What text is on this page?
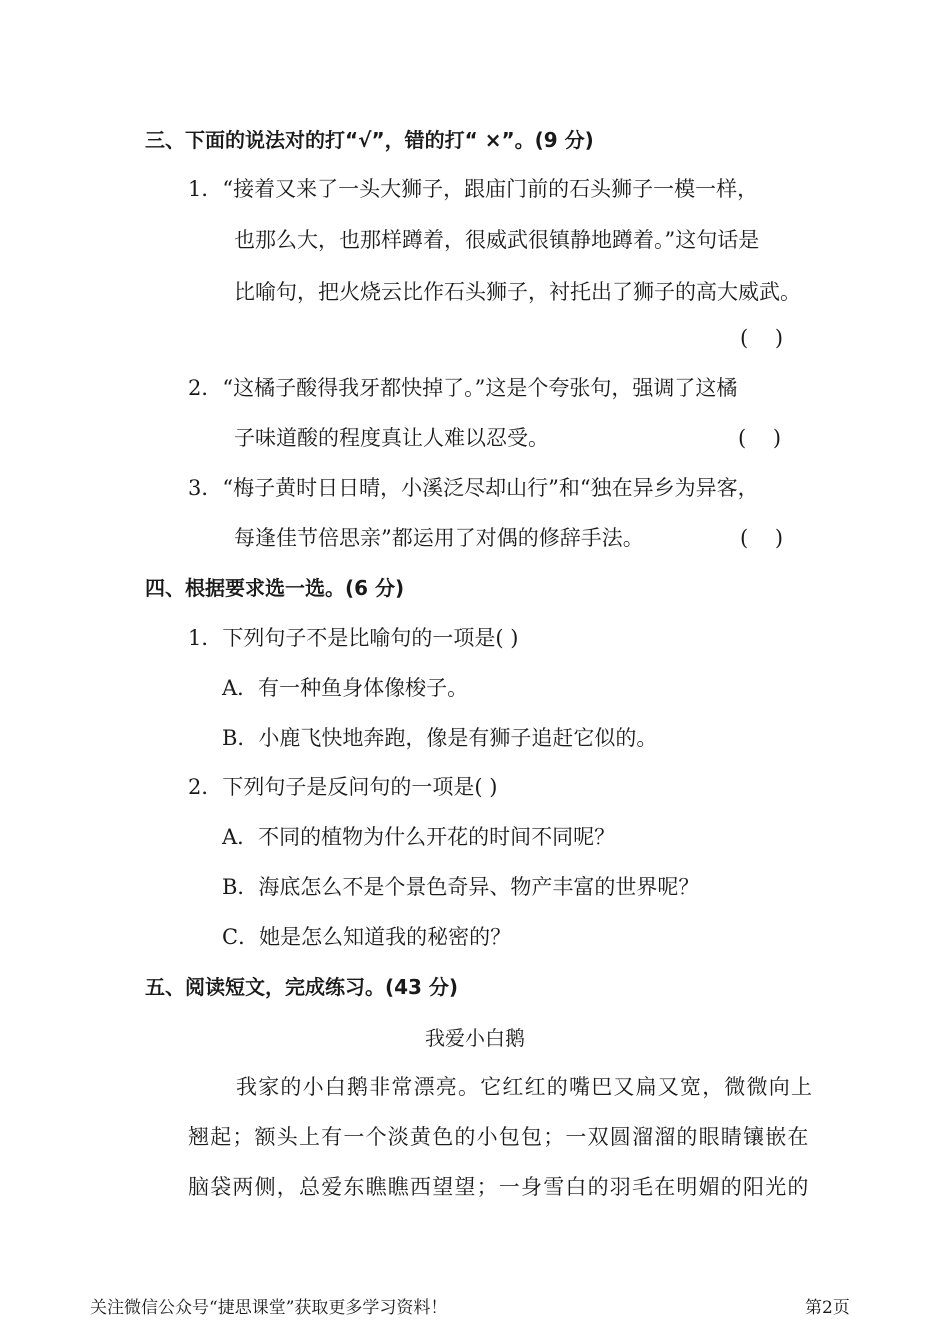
三、下面的说法对的打“√”，错的打“ ×”。(9 分)
1．“接着又来了一头大狮子，跟庙门前的石头狮子一模一样，
也那么大，也那样蹲着，很威武很镇静地蹲着。”这句话是
比喻句，把火烧云比作石头狮子，衬托出了狮子的高大威武。
(    )
2．“这橘子酸得我牙都快掉了。”这是个夸张句，强调了这橘
子味道酸的程度真让人难以忍受。	(    )
3．“梅子黄时日日晴，小溪泛尽却山行”和“独在异乡为异客，
每逢佳节倍思亲”都运用了对偶的修辞手法。	(    )
四、根据要求选一选。(6 分)
1．下列句子不是比喻句的一项是( )
A．有一种鱼身体像梭子。
B．小鹿飞快地奔跑，像是有狮子追赶它似的。
2．下列句子是反问句的一项是( )
A．不同的植物为什么开花的时间不同呢？
B．海底怎么不是个景色奇异、物产丰富的世界呢？
C．她是怎么知道我的秘密的？
五、阅读短文，完成练习。(43 分)
我爱小白鹅
我家的小白鹅非常漂亮。它红红的嘴巴又扁又宽，微微向上
翘起；额头上有一个淡黄色的小包包；一双圆溜溜的眼睛镶嵌在
脑袋两侧，总爱东瞧瞧西望望；一身雪白的羽毛在明媚的阳光的
关注微信公众号“捷思课堂”获取更多学习资料！	第2页
